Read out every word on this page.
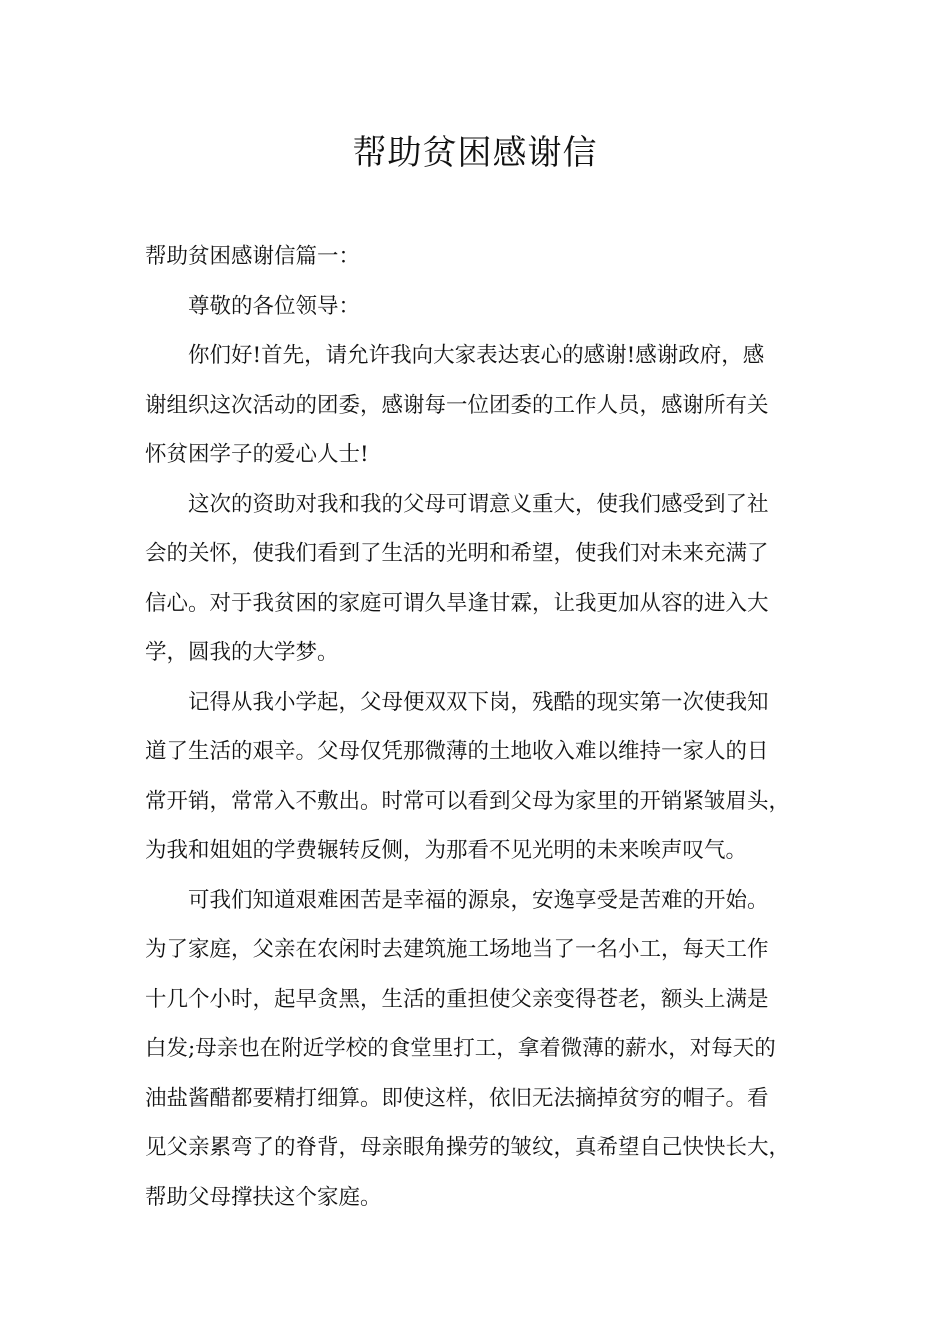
帮助贫困感谢信
帮助贫困感谢信篇一：
尊敬的各位领导：
你们好!首先，请允许我向大家表达衷心的感谢!感谢政府，感
谢组织这次活动的团委，感谢每一位团委的工作人员，感谢所有关
怀贫困学子的爱心人士!
这次的资助对我和我的父母可谓意义重大，使我们感受到了社
会的关怀，使我们看到了生活的光明和希望，使我们对未来充满了
信心。对于我贫困的家庭可谓久旱逢甘霖，让我更加从容的进入大
学，圆我的大学梦。
记得从我小学起，父母便双双下岗，残酷的现实第一次使我知
道了生活的艰辛。父母仅凭那微薄的土地收入难以维持一家人的日
常开销，常常入不敷出。时常可以看到父母为家里的开销紧皱眉头，
为我和姐姐的学费辗转反侧，为那看不见光明的未来唉声叹气。
可我们知道艰难困苦是幸福的源泉，安逸享受是苦难的开始。
为了家庭，父亲在农闲时去建筑施工场地当了一名小工，每天工作
十几个小时，起早贪黑，生活的重担使父亲变得苍老，额头上满是
白发;母亲也在附近学校的食堂里打工，拿着微薄的薪水，对每天的
油盐酱醋都要精打细算。即使这样，依旧无法摘掉贫穷的帽子。看
见父亲累弯了的脊背，母亲眼角操劳的皱纹，真希望自己快快长大，
帮助父母撑扶这个家庭。
